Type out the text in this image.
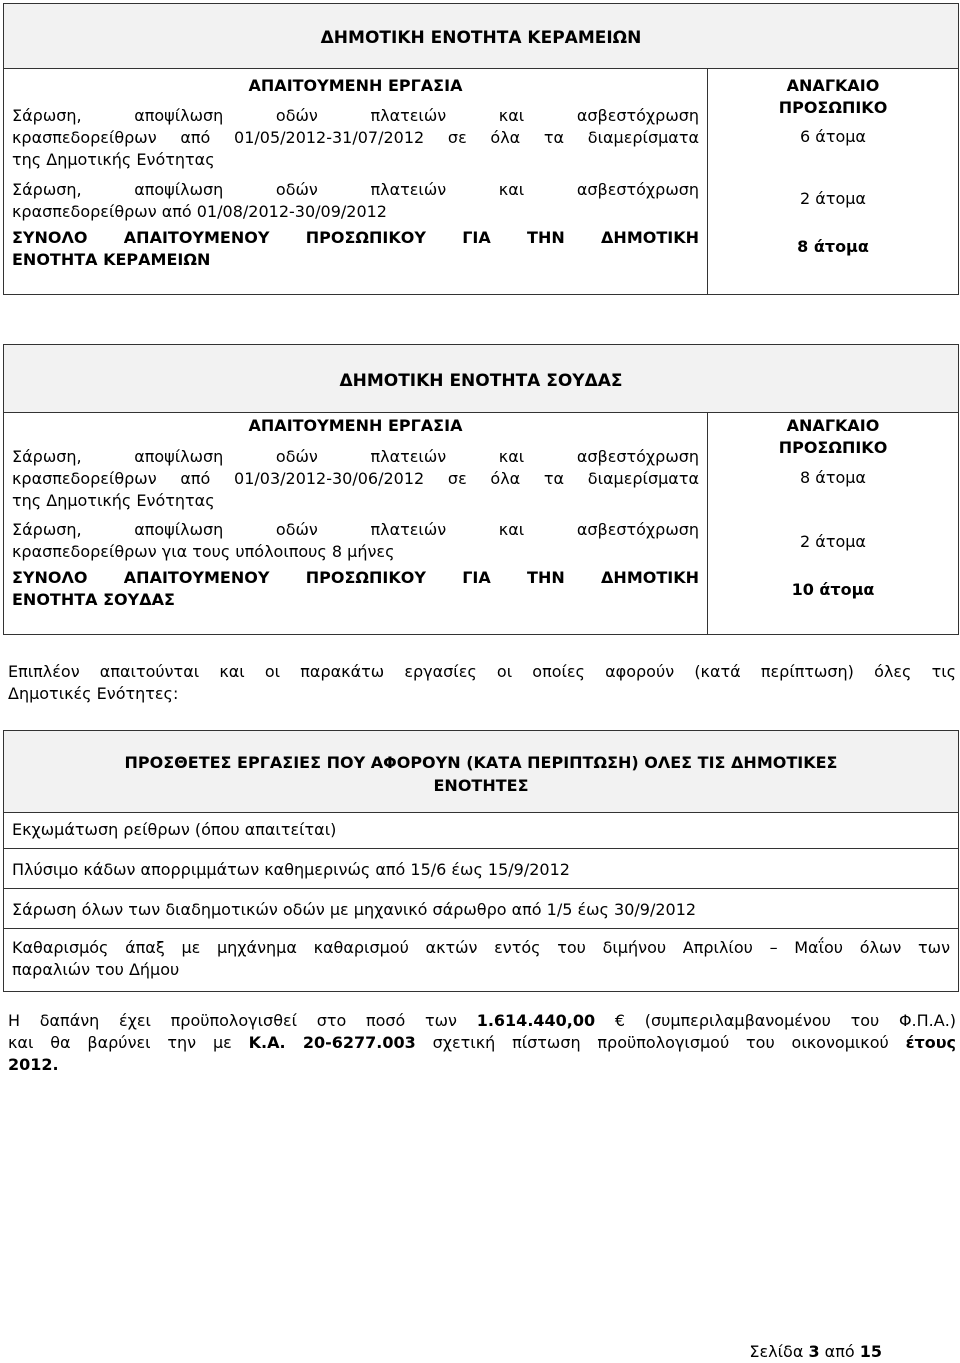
ΔΗΜΟΤΙΚΗ ΕΝΟΤΗΤΑ ΚΕΡΑΜΕΙΩΝ
ΑΠΑΙΤΟΥΜΕΝΗ ΕΡΓΑΣΙΑ
Σάρωση, αποψίλωση οδών πλατειών και ασβεστόχρωση
κρασπεδορείθρων από 01/05/2012-31/07/2012 σε όλα τα διαμερίσματα
της Δημοτικής Ενότητας
Σάρωση, αποψίλωση οδών πλατειών και ασβεστόχρωση
κρασπεδορείθρων από 01/08/2012-30/09/2012
ΣΥΝΟΛΟ ΑΠΑΙΤΟΥΜΕΝΟΥ ΠΡΟΣΩΠΙΚΟΥ ΓΙΑ ΤΗΝ ΔΗΜΟΤΙΚΗ
ΕΝΟΤΗΤΑ ΚΕΡΑΜΕΙΩΝ
ΑΝΑΓΚΑΙΟ
ΠΡΟΣΩΠΙΚΟ
6 άτομα
2 άτομα
8 άτομα
ΔΗΜΟΤΙΚΗ ΕΝΟΤΗΤΑ ΣΟΥΔΑΣ
ΑΠΑΙΤΟΥΜΕΝΗ ΕΡΓΑΣΙΑ
Σάρωση, αποψίλωση οδών πλατειών και ασβεστόχρωση
κρασπεδορείθρων από 01/03/2012-30/06/2012 σε όλα τα διαμερίσματα
της Δημοτικής Ενότητας
Σάρωση, αποψίλωση οδών πλατειών και ασβεστόχρωση
κρασπεδορείθρων για τους υπόλοιπους 8 μήνες
ΣΥΝΟΛΟ ΑΠΑΙΤΟΥΜΕΝΟΥ ΠΡΟΣΩΠΙΚΟΥ ΓΙΑ ΤΗΝ ΔΗΜΟΤΙΚΗ
ΕΝΟΤΗΤΑ ΣΟΥΔΑΣ
ΑΝΑΓΚΑΙΟ
ΠΡΟΣΩΠΙΚΟ
8 άτομα
2 άτομα
10 άτομα
Επιπλέον απαιτούνται και οι παρακάτω εργασίες οι οποίες αφορούν (κατά περίπτωση) όλες τις
Δημοτικές Ενότητες:
ΠΡΟΣΘΕΤΕΣ ΕΡΓΑΣΙΕΣ ΠΟΥ ΑΦΟΡΟΥΝ (ΚΑΤΑ ΠΕΡΙΠΤΩΣΗ) ΟΛΕΣ ΤΙΣ ΔΗΜΟΤΙΚΕΣ
ΕΝΟΤΗΤΕΣ
Εκχωμάτωση ρείθρων (όπου απαιτείται)
Πλύσιμο κάδων απορριμμάτων καθημερινώς από 15/6 έως 15/9/2012
Σάρωση όλων των διαδημοτικών οδών με μηχανικό σάρωθρο από 1/5 έως 30/9/2012
Καθαρισμός άπαξ με μηχάνημα καθαρισμού ακτών εντός του διμήνου Απριλίου – Μαΐου όλων των
παραλιών του Δήμου
Η δαπάνη έχει προϋπολογισθεί στο ποσό των 1.614.440,00 € (συμπεριλαμβανομένου του Φ.Π.Α.)
και θα βαρύνει την με Κ.Α. 20-6277.003 σχετική πίστωση προϋπολογισμού του οικονομικού έτους
2012.
Σελίδα 3 από 15
